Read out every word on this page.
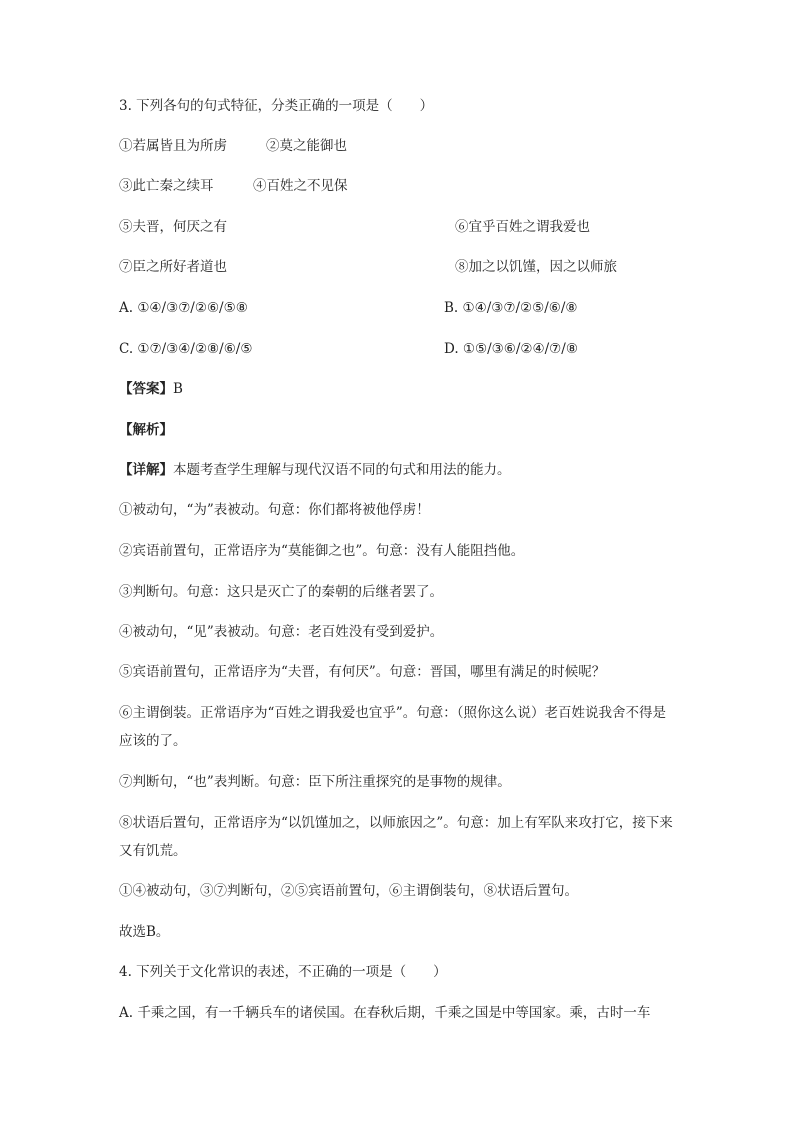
3. 下列各句的句式特征，分类正确的一项是（　　）
①若属皆且为所虏	②莫之能御也
③此亡秦之续耳	④百姓之不见保
⑤夫晋，何厌之有	⑥宜乎百姓之谓我爱也
⑦臣之所好者道也	⑧加之以饥馑，因之以师旅
A. ①④/③⑦/②⑥/⑤⑧	B. ①④/③⑦/②⑤/⑥/⑧
C. ①⑦/③④/②⑧/⑥/⑤	D. ①⑤/③⑥/②④/⑦/⑧
【答案】B
【解析】
【详解】本题考查学生理解与现代汉语不同的句式和用法的能力。
①被动句，“为”表被动。句意：你们都将被他俘虏！
②宾语前置句，正常语序为“莫能御之也”。句意：没有人能阻挡他。
③判断句。句意：这只是灭亡了的秦朝的后继者罢了。
④被动句，“见”表被动。句意：老百姓没有受到爱护。
⑤宾语前置句，正常语序为“夫晋，有何厌”。句意：晋国，哪里有满足的时候呢？
⑥主谓倒装。正常语序为“百姓之谓我爱也宜乎”。句意：（照你这么说）老百姓说我舍不得是应该的了。
⑦判断句，“也”表判断。句意：臣下所注重探究的是事物的规律。
⑧状语后置句，正常语序为“以饥馑加之，以师旅因之”。句意：加上有军队来攻打它，接下来又有饥荒。
①④被动句，③⑦判断句，②⑤宾语前置句，⑥主谓倒装句，⑧状语后置句。
故选B。
4. 下列关于文化常识的表述，不正确的一项是（　　）
A. 千乘之国，有一千辆兵车的诸侯国。在春秋后期，千乘之国是中等国家。乘，古时一车
